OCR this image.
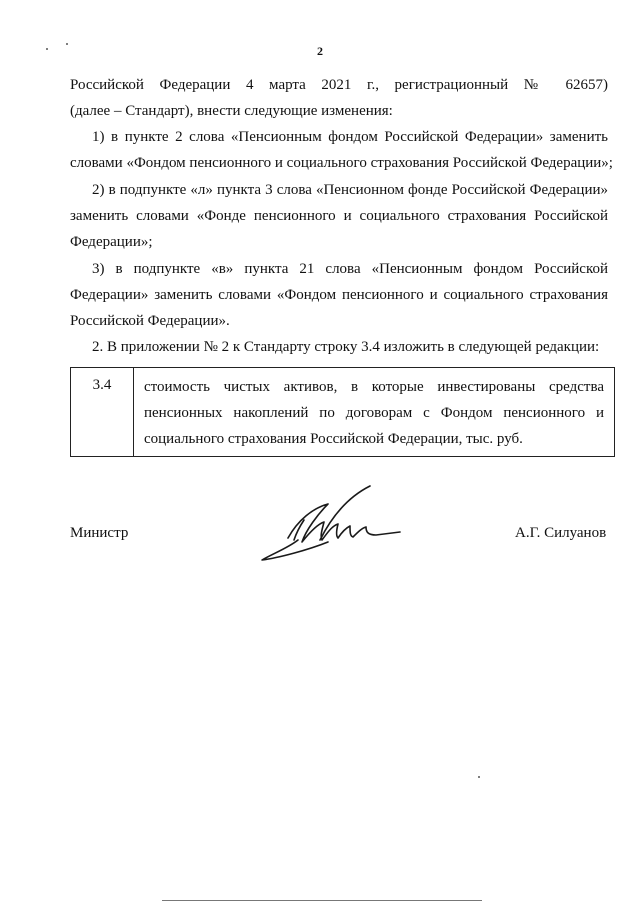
2
Российской Федерации 4 марта 2021 г., регистрационный № 62657)
(далее – Стандарт), внести следующие изменения:
1) в пункте 2 слова «Пенсионным фондом Российской Федерации» заменить
словами «Фондом пенсионного и социального страхования Российской Федерации»;
2) в подпункте «л» пункта 3 слова «Пенсионном фонде Российской Федерации»
заменить словами «Фонде пенсионного и социального страхования Российской
Федерации»;
3) в подпункте «в» пункта 21 слова «Пенсионным фондом Российской
Федерации» заменить словами «Фондом пенсионного и социального страхования
Российской Федерации».
2. В приложении № 2 к Стандарту строку 3.4 изложить в следующей редакции:
3.4	стоимость чистых активов, в которые инвестированы средства
пенсионных накоплений по договорам с Фондом пенсионного и
социального страхования Российской Федерации, тыс. руб.
Министр	А.Г. Силуанов
